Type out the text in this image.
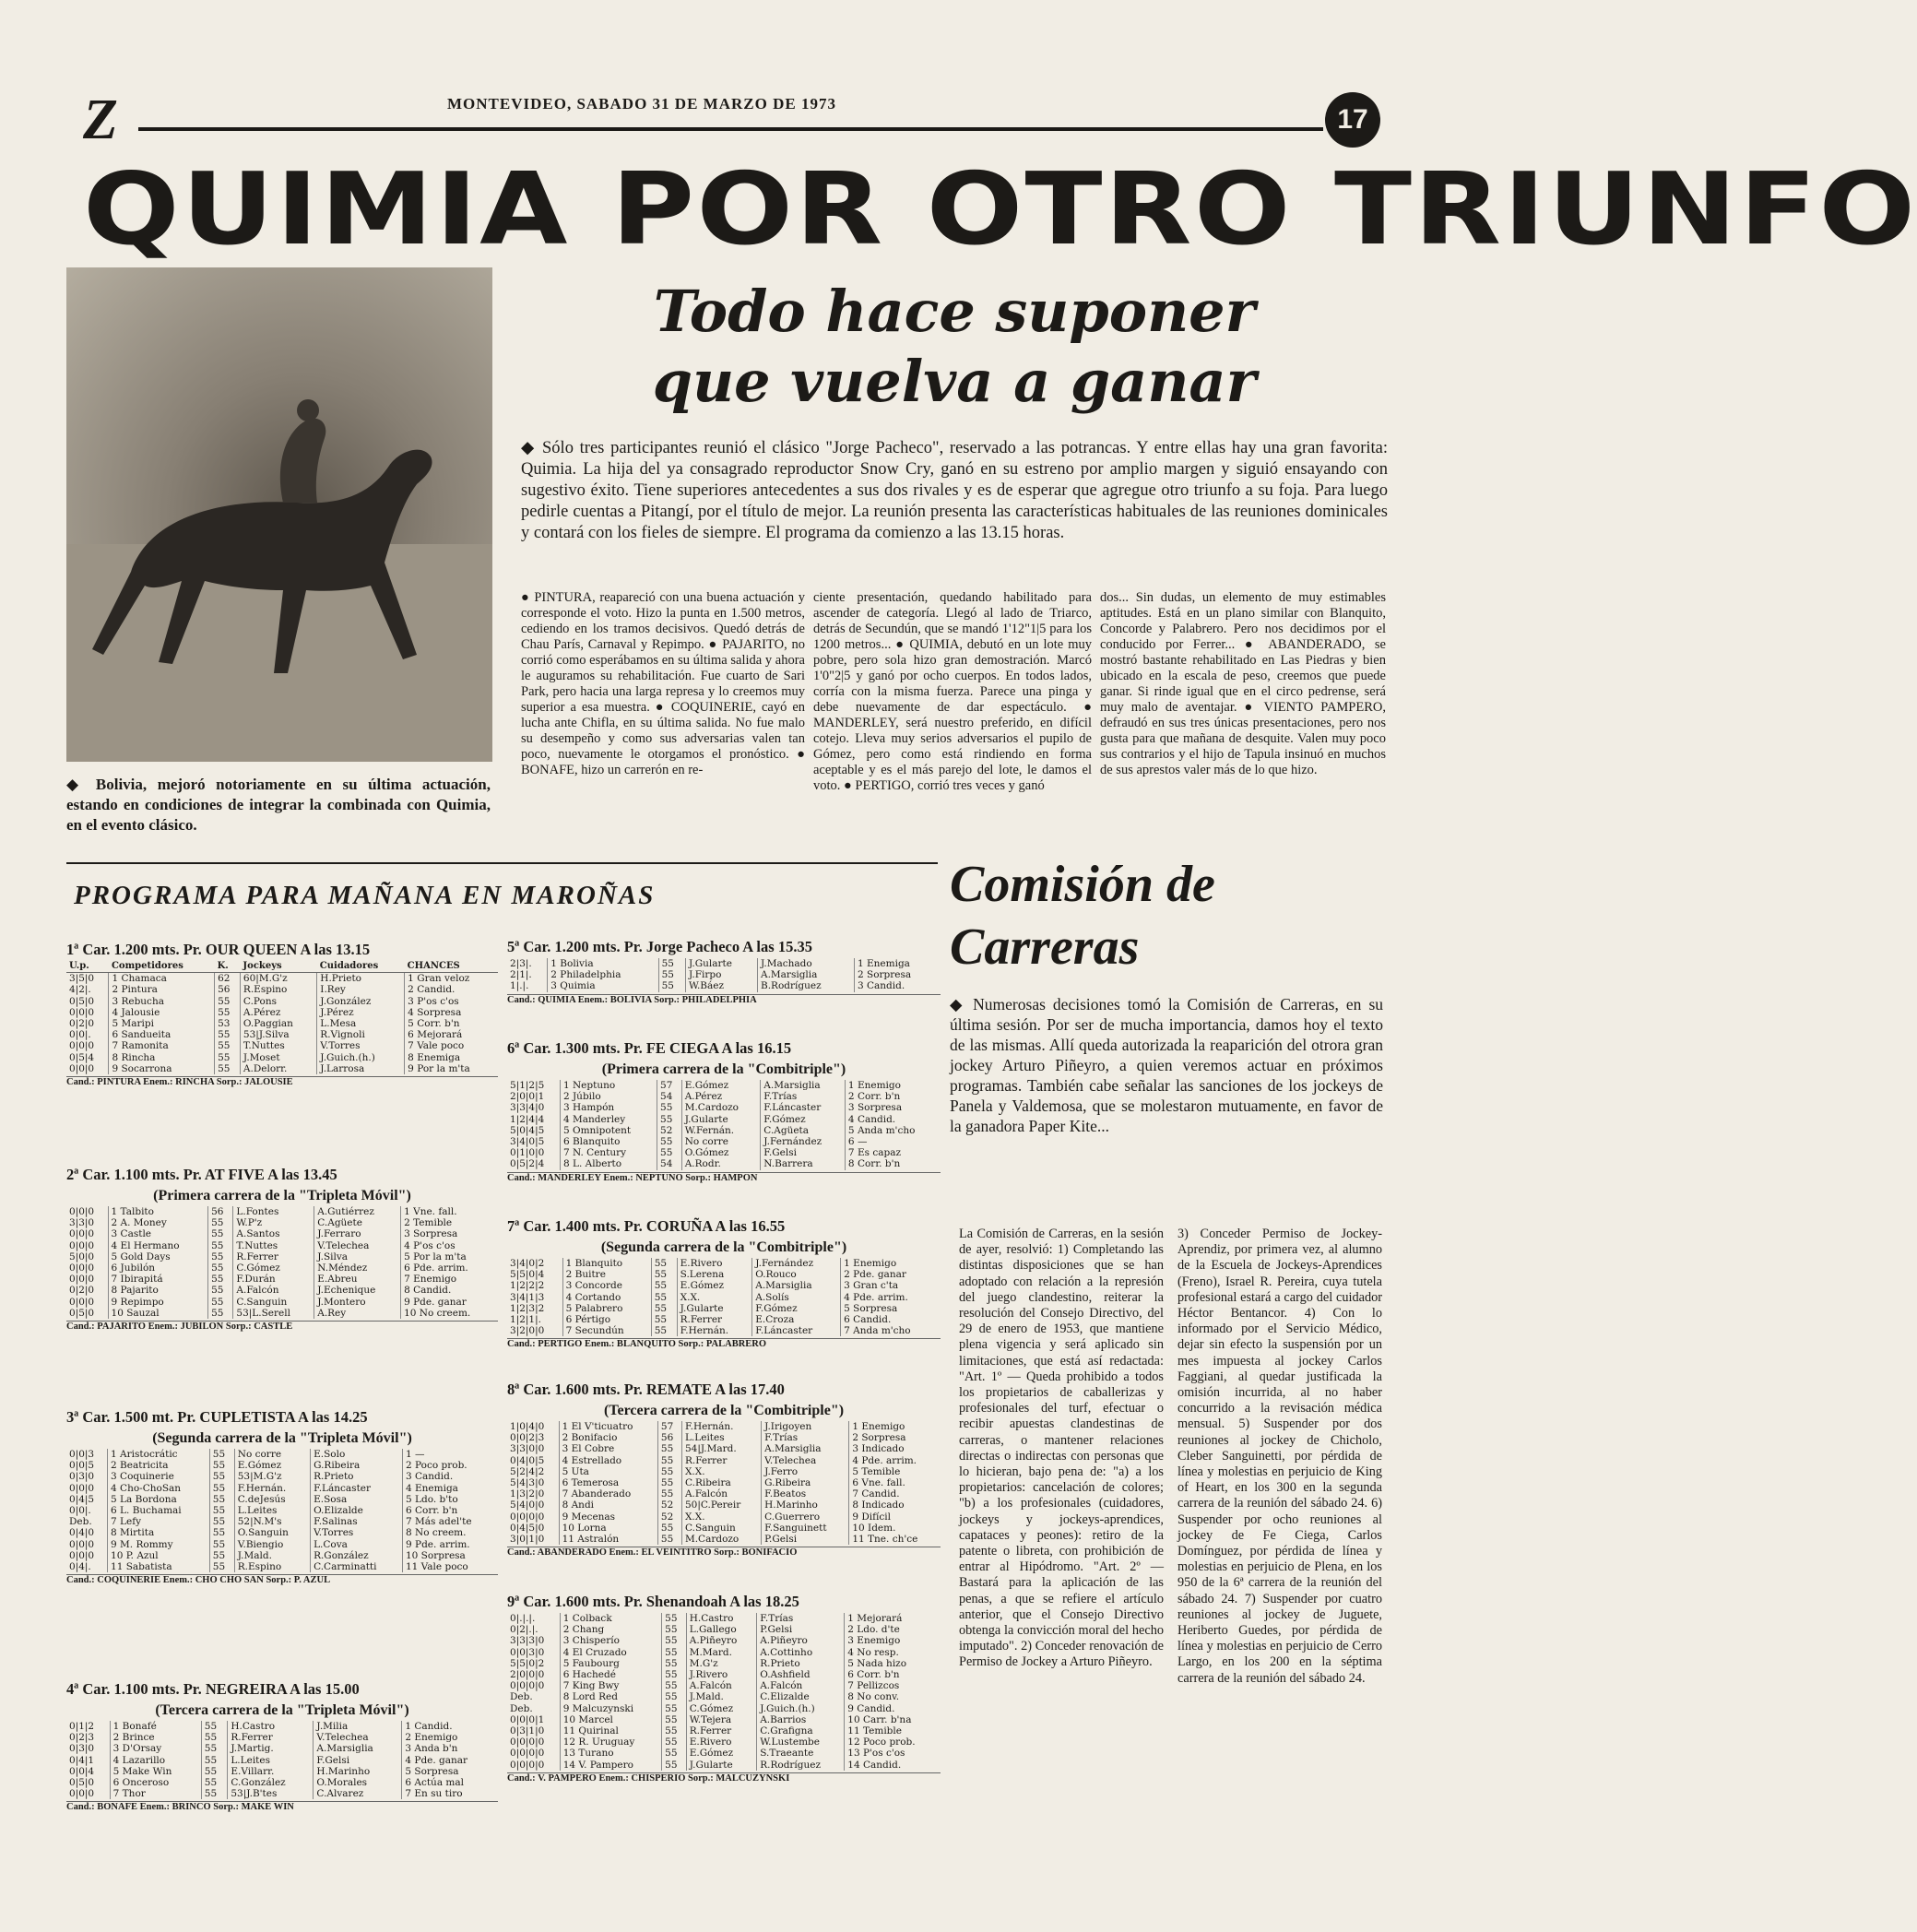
Z	MONTEVIDEO, SABADO 31 DE MARZO DE 1973
17
QUIMIA POR OTRO TRIUNFO
Todo hace suponer
que vuelva a ganar
◆ Sólo tres participantes reunió el clásico "Jorge Pacheco", reservado a las potrancas. Y entre ellas hay una gran favorita: Quimia. La hija del ya consagrado reproductor Snow Cry, ganó en su estreno por amplio margen y siguió ensayando con sugestivo éxito. Tiene superiores antecedentes a sus dos rivales y es de esperar que agregue otro triunfo a su foja. Para luego pedirle cuentas a Pitangí, por el título de mejor. La reunión presenta las características habituales de las reuniones dominicales y contará con los fieles de siempre. El programa da comienzo a las 13.15 horas.
● PINTURA, reapareció con una buena actuación y corresponde el voto. Hizo la punta en 1.500 metros, cediendo en los tramos decisivos. Quedó detrás de Chau París, Carnaval y Repimpo. ● PAJARITO, no corrió como esperábamos en su última salida y ahora le auguramos su rehabilitación. Fue cuarto de Sari Park, pero hacia una larga represa y lo creemos muy superior a esa muestra. ● COQUINERIE, cayó en lucha ante Chifla, en su última salida. No fue malo su desempeño y como sus adversarias valen tan poco, nuevamente le otorgamos el pronóstico. ● BONAFE, hizo un carrerón en re-
ciente presentación, quedando habilitado para ascender de categoría. Llegó al lado de Triarco, detrás de Secundún, que se mandó 1'12"1|5 para los 1200 metros... ● QUIMIA, debutó en un lote muy pobre, pero sola hizo gran demostración. Marcó 1'0"2|5 y ganó por ocho cuerpos. En todos lados, corría con la misma fuerza. Parece una pinga y debe nuevamente de dar espectáculo. ● MANDERLEY, será nuestro preferido, en difícil cotejo. Lleva muy serios adversarios el pupilo de Gómez, pero como está rindiendo en forma aceptable y es el más parejo del lote, le damos el voto. ● PERTIGO, corrió tres veces y ganó
dos... Sin dudas, un elemento de muy estimables aptitudes. Está en un plano similar con Blanquito, Concorde y Palabrero. Pero nos decidimos por el conducido por Ferrer... ● ABANDERADO, se mostró bastante rehabilitado en Las Piedras y bien ubicado en la escala de peso, creemos que puede ganar. Si rinde igual que en el circo pedrense, será muy malo de aventajar. ● VIENTO PAMPERO, defraudó en sus tres únicas presentaciones, pero nos gusta para que mañana de desquite. Valen muy poco sus contrarios y el hijo de Tapula insinuó en muchos de sus aprestos valer más de lo que hizo.
◆ Bolivia, mejoró notoriamente en su última actuación, estando en condiciones de integrar la combinada con Quimia, en el evento clásico.
PROGRAMA PARA MAÑANA EN MAROÑAS	Comisión de
Carreras
◆ Numerosas decisiones tomó la Comisión de Carreras, en su última sesión. Por ser de mucha importancia, damos hoy el texto de las mismas. Allí queda autorizada la reaparición del otrora gran jockey Arturo Piñeyro, a quien veremos actuar en próximos programas. También cabe señalar las sanciones de los jockeys de Panela y Valdemosa, que se molestaron mutuamente, en favor de la ganadora Paper Kite...
La Comisión de Carreras, en la sesión de ayer, resolvió: 1) Completando las distintas disposiciones que se han adoptado con relación a la represión del juego clandestino, reiterar la resolución del Consejo Directivo, del 29 de enero de 1953, que mantiene plena vigencia y será aplicado sin limitaciones, que está así redactada: "Art. 1º — Queda prohibido a todos los propietarios de caballerizas y profesionales del turf, efectuar o recibir apuestas clandestinas de carreras, o mantener relaciones directas o indirectas con personas que lo hicieran, bajo pena de: "a) a los propietarios: cancelación de colores; "b) a los profesionales (cuidadores, jockeys y jockeys-aprendices, capataces y peones): retiro de la patente o libreta, con prohibición de entrar al Hipódromo. "Art. 2º — Bastará para la aplicación de las penas, a que se refiere el artículo anterior, que el Consejo Directivo obtenga la convicción moral del hecho imputado". 2) Conceder renovación de Permiso de Jockey a Arturo Piñeyro.
3) Conceder Permiso de Jockey-Aprendiz, por primera vez, al alumno de la Escuela de Jockeys-Aprendices (Freno), Israel R. Pereira, cuya tutela profesional estará a cargo del cuidador Héctor Bentancor. 4) Con lo informado por el Servicio Médico, dejar sin efecto la suspensión por un mes impuesta al jockey Carlos Faggiani, al quedar justificada la omisión incurrida, al no haber concurrido a la revisación médica mensual. 5) Suspender por dos reuniones al jockey de Chicholo, Cleber Sanguinetti, por pérdida de línea y molestias en perjuicio de King of Heart, en los 300 en la segunda carrera de la reunión del sábado 24. 6) Suspender por ocho reuniones al jockey de Fe Ciega, Carlos Domínguez, por pérdida de línea y molestias en perjuicio de Plena, en los 950 de la 6ª carrera de la reunión del sábado 24. 7) Suspender por cuatro reuniones al jockey de Juguete, Heriberto Guedes, por pérdida de línea y molestias en perjuicio de Cerro Largo, en los 200 en la séptima carrera de la reunión del sábado 24.
1ª Car. 1.200 mts. Pr. OUR QUEEN A las 13.15
U.p.	Competidores	K.	Jockeys	Cuidadores	CHANCES
3|5|0	1 Chamaca	62	60|M.G'z	H.Prieto	1 Gran veloz
4|2|.	2 Pintura	56	R.Espino	I.Rey	2 Candid.
0|5|0	3 Rebucha	55	C.Pons	J.González	3 P'os c'os
0|0|0	4 Jalousie	55	A.Pérez	J.Pérez	4 Sorpresa
0|2|0	5 Maripi	53	O.Paggian	L.Mesa	5 Corr. b'n
0|0|.	6 Sandueita	55	53|J.Silva	R.Vignoli	6 Mejorará
0|0|0	7 Ramonita	55	T.Nuttes	V.Torres	7 Vale poco
0|5|4	8 Rincha	55	J.Moset	J.Guich.(h.)	8 Enemiga
0|0|0	9 Socarrona	55	A.Delorr.	J.Larrosa	9 Por la m'ta
Cand.: PINTURA Enem.: RINCHA Sorp.: JALOUSIE
2ª Car. 1.100 mts. Pr. AT FIVE A las 13.45
(Primera carrera de la "Tripleta Móvil")
0|0|0	1 Talbito	56	L.Fontes	A.Gutiérrez	1 Vne. fall.
3|3|0	2 A. Money	55	W.P'z	C.Agüete	2 Temible
0|0|0	3 Castle	55	A.Santos	J.Ferraro	3 Sorpresa
0|0|0	4 El Hermano	55	T.Nuttes	V.Telechea	4 P'os c'os
5|0|0	5 Gold Days	55	R.Ferrer	J.Silva	5 Por la m'ta
0|0|0	6 Jubilón	55	C.Gómez	N.Méndez	6 Pde. arrim.
0|0|0	7 Ibirapitá	55	F.Durán	E.Abreu	7 Enemigo
0|2|0	8 Pajarito	55	A.Falcón	J.Echenique	8 Candid.
0|0|0	9 Repimpo	55	C.Sanguin	J.Montero	9 Pde. ganar
0|5|0	10 Sauzal	55	53|L.Serell	A.Rey	10 No creem.
Cand.: PAJARITO Enem.: JUBILON Sorp.: CASTLE
3ª Car. 1.500 mt. Pr. CUPLETISTA A las 14.25
(Segunda carrera de la "Tripleta Móvil")
0|0|3	1 Aristocrátic	55	No corre	E.Solo	1 —
0|0|5	2 Beatricita	55	E.Gómez	G.Ribeira	2 Poco prob.
0|3|0	3 Coquinerie	55	53|M.G'z	R.Prieto	3 Candid.
0|0|0	4 Cho-ChoSan	55	F.Hernán.	F.Láncaster	4 Enemiga
0|4|5	5 La Bordona	55	C.deJesús	E.Sosa	5 Ldo. b'to
0|0|.	6 L. Buchamai	55	L.Leites	O.Elizalde	6 Corr. b'n
Deb.	7 Lefy	55	52|N.M's	F.Salinas	7 Más adel'te
0|4|0	8 Mirtita	55	O.Sanguin	V.Torres	8 No creem.
0|0|0	9 M. Rommy	55	V.Biengio	L.Cova	9 Pde. arrim.
0|0|0	10 P. Azul	55	J.Mald.	R.González	10 Sorpresa
0|4|.	11 Sabatista	55	R.Espino	C.Carminatti	11 Vale poco
Cand.: COQUINERIE Enem.: CHO CHO SAN Sorp.: P. AZUL
4ª Car. 1.100 mts. Pr. NEGREIRA A las 15.00
(Tercera carrera de la "Tripleta Móvil")
0|1|2	1 Bonafé	55	H.Castro	J.Milia	1 Candid.
0|2|3	2 Brince	55	R.Ferrer	V.Telechea	2 Enemigo
0|3|0	3 D'Orsay	55	J.Martig.	A.Marsiglia	3 Anda b'n
0|4|1	4 Lazarillo	55	L.Leites	F.Gelsi	4 Pde. ganar
0|0|4	5 Make Win	55	E.Villarr.	H.Marinho	5 Sorpresa
0|5|0	6 Onceroso	55	C.González	O.Morales	6 Actúa mal
0|0|0	7 Thor	55	53|J.B'tes	C.Alvarez	7 En su tiro
Cand.: BONAFE Enem.: BRINCO Sorp.: MAKE WIN
5ª Car. 1.200 mts. Pr. Jorge Pacheco A las 15.35
2|3|.	1 Bolivia	55	J.Gularte	J.Machado	1 Enemiga
2|1|.	2 Philadelphia	55	J.Firpo	A.Marsiglia	2 Sorpresa
1|.|.	3 Quimia	55	W.Báez	B.Rodríguez	3 Candid.
Cand.: QUIMIA Enem.: BOLIVIA Sorp.: PHILADELPHIA
6ª Car. 1.300 mts. Pr. FE CIEGA A las 16.15
(Primera carrera de la "Combitriple")
5|1|2|5	1 Neptuno	57	E.Gómez	A.Marsiglia	1 Enemigo
2|0|0|1	2 Júbilo	54	A.Pérez	F.Trías	2 Corr. b'n
3|3|4|0	3 Hampón	55	M.Cardozo	F.Láncaster	3 Sorpresa
1|2|4|4	4 Manderley	55	J.Gularte	F.Gómez	4 Candid.
5|0|4|5	5 Omnipotent	52	W.Fernán.	C.Agüeta	5 Anda m'cho
3|4|0|5	6 Blanquito	55	No corre	J.Fernández	6 —
0|1|0|0	7 N. Century	55	O.Gómez	F.Gelsi	7 Es capaz
0|5|2|4	8 L. Alberto	54	A.Rodr.	N.Barrera	8 Corr. b'n
Cand.: MANDERLEY Enem.: NEPTUNO Sorp.: HAMPON
7ª Car. 1.400 mts. Pr. CORUÑA A las 16.55
(Segunda carrera de la "Combitriple")
3|4|0|2	1 Blanquito	55	E.Rivero	J.Fernández	1 Enemigo
5|5|0|4	2 Buitre	55	S.Lerena	O.Rouco	2 Pde. ganar
1|2|2|2	3 Concorde	55	E.Gómez	A.Marsiglia	3 Gran c'ta
3|4|1|3	4 Cortando	55	X.X.	A.Solís	4 Pde. arrim.
1|2|3|2	5 Palabrero	55	J.Gularte	F.Gómez	5 Sorpresa
1|2|1|.	6 Pértigo	55	R.Ferrer	E.Croza	6 Candid.
3|2|0|0	7 Secundún	55	F.Hernán.	F.Láncaster	7 Anda m'cho
Cand.: PERTIGO Enem.: BLANQUITO Sorp.: PALABRERO
8ª Car. 1.600 mts. Pr. REMATE A las 17.40
(Tercera carrera de la "Combitriple")
1|0|4|0	1 El V'ticuatro	57	F.Hernán.	J.Irigoyen	1 Enemigo
0|0|2|3	2 Bonifacio	56	L.Leites	F.Trías	2 Sorpresa
3|3|0|0	3 El Cobre	55	54|J.Mard.	A.Marsiglia	3 Indicado
0|4|0|5	4 Estrellado	55	R.Ferrer	V.Telechea	4 Pde. arrim.
5|2|4|2	5 Uta	55	X.X.	J.Ferro	5 Temible
5|4|3|0	6 Temerosa	55	C.Ribeira	G.Ribeira	6 Vne. fall.
1|3|2|0	7 Abanderado	55	A.Falcón	F.Beatos	7 Candid.
5|4|0|0	8 Andi	52	50|C.Pereir	H.Marinho	8 Indicado
0|0|0|0	9 Mecenas	52	X.X.	C.Guerrero	9 Difícil
0|4|5|0	10 Lorna	55	C.Sanguin	F.Sanguinett	10 Idem.
3|0|1|0	11 Astralón	55	M.Cardozo	P.Gelsi	11 Tne. ch'ce
Cand.: ABANDERADO Enem.: EL VEINTITRO Sorp.: BONIFACIO
9ª Car. 1.600 mts. Pr. Shenandoah A las 18.25
0|.|.|.	1 Colback	55	H.Castro	F.Trías	1 Mejorará
0|2|.|.	2 Chang	55	L.Gallego	P.Gelsi	2 Ldo. d'te
3|3|3|0	3 Chisperío	55	A.Piñeyro	A.Piñeyro	3 Enemigo
0|0|3|0	4 El Cruzado	55	M.Mard.	A.Cottinho	4 No resp.
5|5|0|2	5 Faubourg	55	M.G'z	R.Prieto	5 Nada hizo
2|0|0|0	6 Hachedé	55	J.Rivero	O.Ashfield	6 Corr. b'n
0|0|0|0	7 King Bwy	55	A.Falcón	A.Falcón	7 Pellizcos
Deb.	8 Lord Red	55	J.Mald.	C.Elizalde	8 No conv.
Deb.	9 Malcuzynski	55	C.Gómez	J.Guich.(h.)	9 Candid.
0|0|0|1	10 Marcel	55	W.Tejera	A.Barrios	10 Carr. b'na
0|3|1|0	11 Quirinal	55	R.Ferrer	C.Grafigna	11 Temible
0|0|0|0	12 R. Uruguay	55	E.Rivero	W.Lustembe	12 Poco prob.
0|0|0|0	13 Turano	55	E.Gómez	S.Traeante	13 P'os c'os
0|0|0|0	14 V. Pampero	55	J.Gularte	R.Rodríguez	14 Candid.
Cand.: V. PAMPERO Enem.: CHISPERIO Sorp.: MALCUZYNSKI
